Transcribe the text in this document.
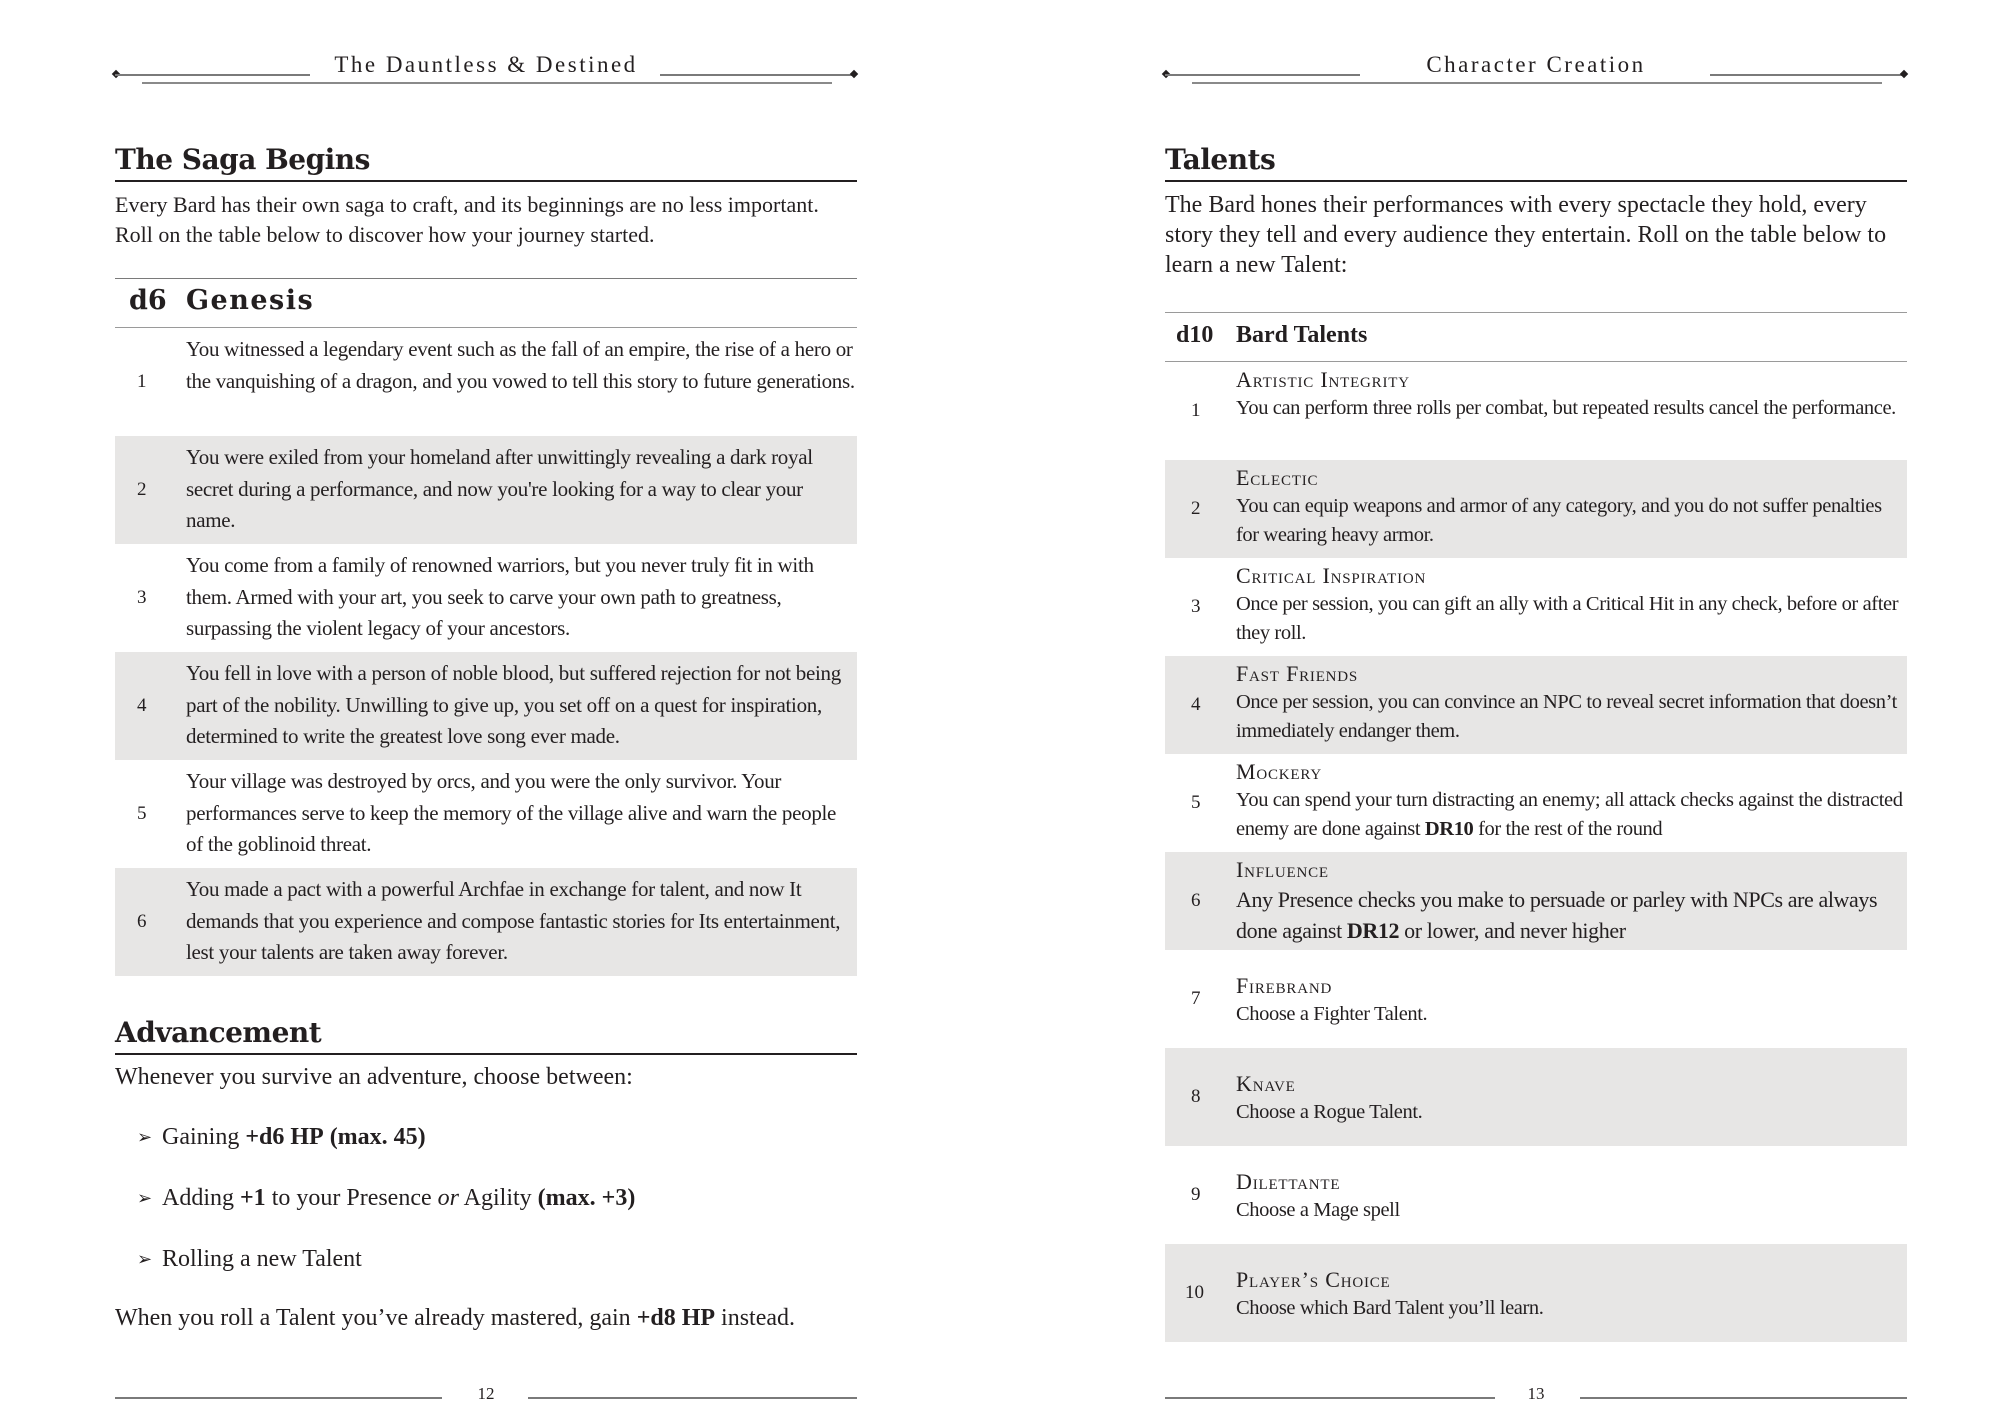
The Dauntless & Destined
The Saga Begins

Every Bard has their own saga to craft, and its beginnings are no less important. Roll on the table below to discover how your journey started.

d6 Genesis
1
You witnessed a legendary event such as the fall of an empire, the rise of a hero or the vanquishing of a dragon, and you vowed to tell this story to future generations.
2
You were exiled from your homeland after unwittingly revealing a dark royal secret during a performance, and now you're looking for a way to clear your name.
3
You come from a family of renowned warriors, but you never truly fit in with them. Armed with your art, you seek to carve your own path to greatness, surpassing the violent legacy of your ancestors.
4
You fell in love with a person of noble blood, but suffered rejection for not being part of the nobility. Unwilling to give up, you set off on a quest for inspiration, determined to write the greatest love song ever made.
5
Your village was destroyed by orcs, and you were the only survivor. Your performances serve to keep the memory of the village alive and warn the people of the goblinoid threat.
6
You made a pact with a powerful Archfae in exchange for talent, and now It demands that you experience and compose fantastic stories for Its entertainment, lest your talents are taken away forever.
Advancement

Whenever you survive an adventure, choose between:

➢ Gaining +d6 HP (max. 45)
➢ Adding +1 to your Presence or Agility (max. +3)
➢ Rolling a new Talent

When you roll a Talent you’ve already mastered, gain +d8 HP instead.

12
Character Creation
Talents

The Bard hones their performances with every spectacle they hold, every story they tell and every audience they entertain. Roll on the table below to learn a new Talent:

d10 Bard Talents
1
Artistic Integrity
You can perform three rolls per combat, but repeated results cancel the performance.
2
Eclectic
You can equip weapons and armor of any category, and you do not suffer penalties for wearing heavy armor.
3
Critical Inspiration
Once per session, you can gift an ally with a Critical Hit in any check, before or after they roll.
4
Fast Friends
Once per session, you can convince an NPC to reveal secret information that doesn’t immediately endanger them.
5
Mockery
You can spend your turn distracting an enemy; all attack checks against the distracted enemy are done against DR10 for the rest of the round
6
Influence
Any Presence checks you make to persuade or parley with NPCs are always done against DR12 or lower, and never higher
7
Firebrand
Choose a Fighter Talent.
8
Knave
Choose a Rogue Talent.
9
Dilettante
Choose a Mage spell
10
Player’s Choice
Choose which Bard Talent you’ll learn.
13
